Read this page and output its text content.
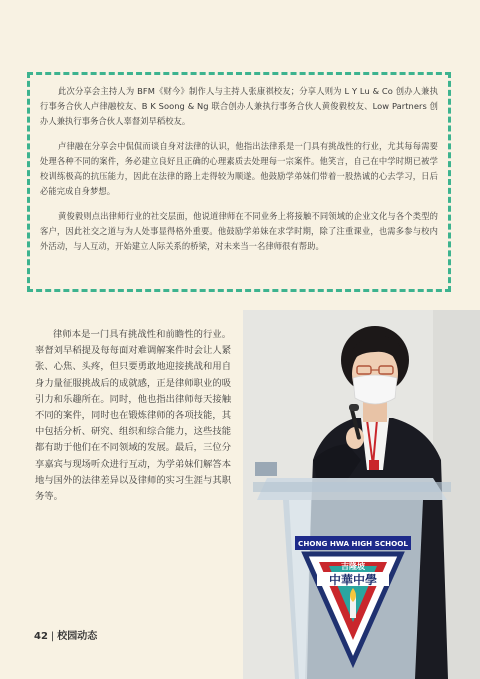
此次分享会主持人为 BFM《财今》制作人与主持人张康祺校友；分享人则为 L Y Lu & Co 创办人兼执行事务合伙人卢律融校友、B K Soong & Ng 联合创办人兼执行事务合伙人黄俊毅校友、Low Partners 创办人兼执行事务合伙人辜督刘早稻校友。

卢律融在分享会中侃侃而谈自身对法律的认识，他指出法律系是一门具有挑战性的行业，尤其每每需要处理各种不同的案件，务必建立良好且正确的心理素质去处理每一宗案件。他笑言，自己在中学时期已被学校训练极高的抗压能力，因此在法律的路上走得较为顺遂。他鼓励学弟妹们带着一股热诚的心去学习，日后必能完成自身梦想。

黄俊毅则点出律师行业的社交层面，他说道律师在不同业务上将接触不同领域的企业文化与各个类型的客户，因此社交之道与为人处事显得格外重要。他鼓励学弟妹在求学时期，除了注重课业，也需多参与校内外活动，与人互动，开始建立人际关系的桥梁，对未来当一名律师很有帮助。

律师本是一门具有挑战性和前瞻性的行业。辜督刘早稻提及每每面对难调解案件时会让人紧张、心焦、头疼，但只要勇敢地迎接挑战和用自身力量征服挑战后的成就感，正是律师职业的吸引力和乐趣所在。同时，他也指出律师每天接触不同的案件，同时也在锻炼律师的各项技能，其中包括分析、研究、组织和综合能力，这些技能都有助于他们在不同领域的发展。最后，三位分享嘉宾与现场听众进行互动，为学弟妹们解答本地与国外的法律差异以及律师的实习生涯与其职务等。

CHONG HWA HIGH SCHOOL
吉隆坡
中華中學
42 | 校园动态
